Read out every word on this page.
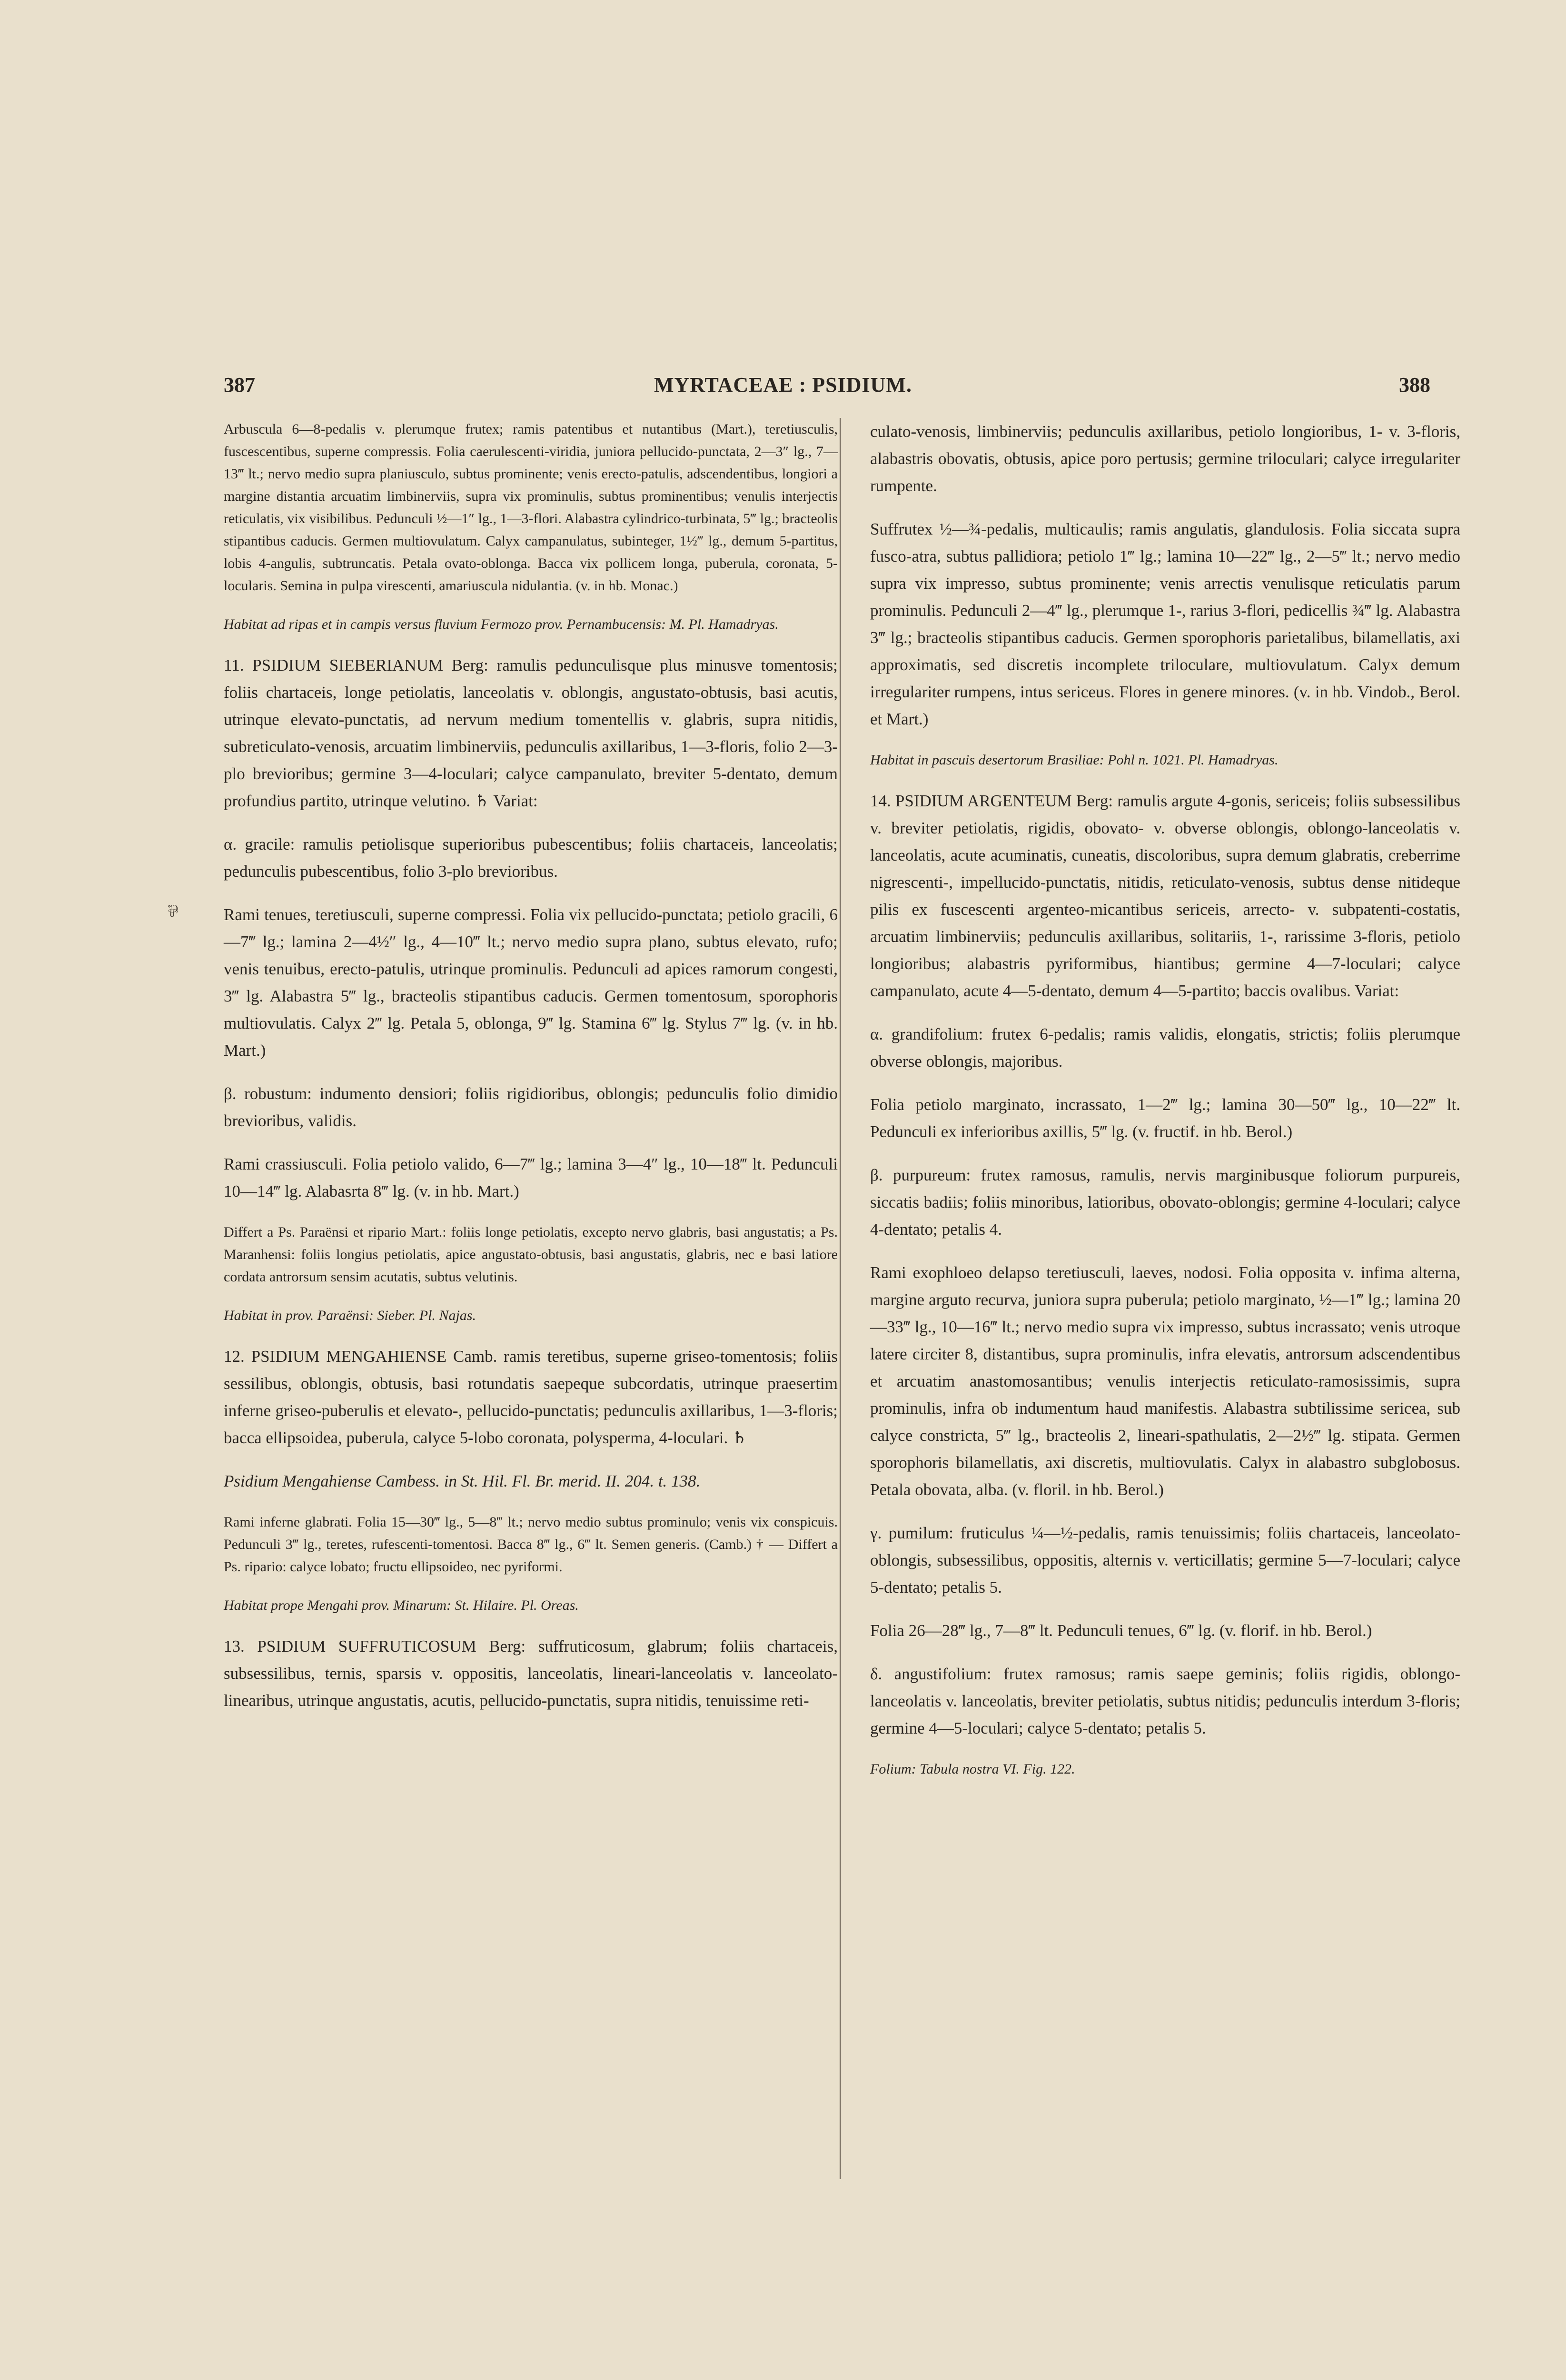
387	MYRTACEAE : PSIDIUM.	388
⅌

Arbuscula 6—8-pedalis v. plerumque frutex; ramis patentibus et nutantibus (Mart.), teretiusculis, fuscescentibus, superne compressis. Folia caerulescenti-viridia, juniora pellucido-punctata, 2—3″ lg., 7—13‴ lt.; nervo medio supra planiusculo, subtus prominente; venis erecto-patulis, adscendentibus, longiori a margine distantia arcuatim limbinerviis, supra vix prominulis, subtus prominentibus; venulis interjectis reticulatis, vix visibilibus. Pedunculi ½—1″ lg., 1—3-flori. Alabastra cylindrico-turbinata, 5‴ lg.; bracteolis stipantibus caducis. Germen multiovulatum. Calyx campanulatus, subinteger, 1½‴ lg., demum 5-partitus, lobis 4-angulis, subtruncatis. Petala ovato-oblonga. Bacca vix pollicem longa, puberula, coronata, 5-locularis. Semina in pulpa virescenti, amariuscula nidulantia. (v. in hb. Monac.)

Habitat ad ripas et in campis versus fluvium Fermozo prov. Pernambucensis: M. Pl. Hamadryas.

11. PSIDIUM SIEBERIANUM Berg: ramulis pedunculisque plus minusve tomentosis; foliis chartaceis, longe petiolatis, lanceolatis v. oblongis, angustato-obtusis, basi acutis, utrinque elevato-punctatis, ad nervum medium tomentellis v. glabris, supra nitidis, subreticulato-venosis, arcuatim limbinerviis, pedunculis axillaribus, 1—3-floris, folio 2—3-plo brevioribus; germine 3—4-loculari; calyce campanulato, breviter 5-dentato, demum profundius partito, utrinque velutino. ♄ Variat:

α. gracile: ramulis petiolisque superioribus pubescentibus; foliis chartaceis, lanceolatis; pedunculis pubescentibus, folio 3-plo brevioribus.

Rami tenues, teretiusculi, superne compressi. Folia vix pellucido-punctata; petiolo gracili, 6—7‴ lg.; lamina 2—4½″ lg., 4—10‴ lt.; nervo medio supra plano, subtus elevato, rufo; venis tenuibus, erecto-patulis, utrinque prominulis. Pedunculi ad apices ramorum congesti, 3‴ lg. Alabastra 5‴ lg., bracteolis stipantibus caducis. Germen tomentosum, sporophoris multiovulatis. Calyx 2‴ lg. Petala 5, oblonga, 9‴ lg. Stamina 6‴ lg. Stylus 7‴ lg. (v. in hb. Mart.)

β. robustum: indumento densiori; foliis rigidioribus, oblongis; pedunculis folio dimidio brevioribus, validis.

Rami crassiusculi. Folia petiolo valido, 6—7‴ lg.; lamina 3—4″ lg., 10—18‴ lt. Pedunculi 10—14‴ lg. Alabasrta 8‴ lg. (v. in hb. Mart.)

Differt a Ps. Paraënsi et ripario Mart.: foliis longe petiolatis, excepto nervo glabris, basi angustatis; a Ps. Maranhensi: foliis longius petiolatis, apice angustato-obtusis, basi angustatis, glabris, nec e basi latiore cordata antrorsum sensim acutatis, subtus velutinis.

Habitat in prov. Paraënsi: Sieber. Pl. Najas.

12. PSIDIUM MENGAHIENSE Camb. ramis teretibus, superne griseo-tomentosis; foliis sessilibus, oblongis, obtusis, basi rotundatis saepeque subcordatis, utrinque praesertim inferne griseo-puberulis et elevato-, pellucido-punctatis; pedunculis axillaribus, 1—3-floris; bacca ellipsoidea, puberula, calyce 5-lobo coronata, polysperma, 4-loculari. ♄

Psidium Mengahiense Cambess. in St. Hil. Fl. Br. merid. II. 204. t. 138.

Rami inferne glabrati. Folia 15—30‴ lg., 5—8‴ lt.; nervo medio subtus prominulo; venis vix conspicuis. Pedunculi 3‴ lg., teretes, rufescenti-tomentosi. Bacca 8‴ lg., 6‴ lt. Semen generis. (Camb.) † — Differt a Ps. ripario: calyce lobato; fructu ellipsoideo, nec pyriformi.

Habitat prope Mengahi prov. Minarum: St. Hilaire. Pl. Oreas.

13. PSIDIUM SUFFRUTICOSUM Berg: suffruticosum, glabrum; foliis chartaceis, subsessilibus, ternis, sparsis v. oppositis, lanceolatis, lineari-lanceolatis v. lanceolato-linearibus, utrinque angustatis, acutis, pellucido-punctatis, supra nitidis, tenuissime reti-

culato-venosis, limbinerviis; pedunculis axillaribus, petiolo longioribus, 1- v. 3-floris, alabastris obovatis, obtusis, apice poro pertusis; germine triloculari; calyce irregulariter rumpente.

Suffrutex ½—¾-pedalis, multicaulis; ramis angulatis, glandulosis. Folia siccata supra fusco-atra, subtus pallidiora; petiolo 1‴ lg.; lamina 10—22‴ lg., 2—5‴ lt.; nervo medio supra vix impresso, subtus prominente; venis arrectis venulisque reticulatis parum prominulis. Pedunculi 2—4‴ lg., plerumque 1-, rarius 3-flori, pedicellis ¾‴ lg. Alabastra 3‴ lg.; bracteolis stipantibus caducis. Germen sporophoris parietalibus, bilamellatis, axi approximatis, sed discretis incomplete triloculare, multiovulatum. Calyx demum irregulariter rumpens, intus sericeus. Flores in genere minores. (v. in hb. Vindob., Berol. et Mart.)

Habitat in pascuis desertorum Brasiliae: Pohl n. 1021. Pl. Hamadryas.

14. PSIDIUM ARGENTEUM Berg: ramulis argute 4-gonis, sericeis; foliis subsessilibus v. breviter petiolatis, rigidis, obovato- v. obverse oblongis, oblongo-lanceolatis v. lanceolatis, acute acuminatis, cuneatis, discoloribus, supra demum glabratis, creberrime nigrescenti-, impellucido-punctatis, nitidis, reticulato-venosis, subtus dense nitideque pilis ex fuscescenti argenteo-micantibus sericeis, arrecto- v. subpatenti-costatis, arcuatim limbinerviis; pedunculis axillaribus, solitariis, 1-, rarissime 3-floris, petiolo longioribus; alabastris pyriformibus, hiantibus; germine 4—7-loculari; calyce campanulato, acute 4—5-dentato, demum 4—5-partito; baccis ovalibus. Variat:

α. grandifolium: frutex 6-pedalis; ramis validis, elongatis, strictis; foliis plerumque obverse oblongis, majoribus.

Folia petiolo marginato, incrassato, 1—2‴ lg.; lamina 30—50‴ lg., 10—22‴ lt. Pedunculi ex inferioribus axillis, 5‴ lg. (v. fructif. in hb. Berol.)

β. purpureum: frutex ramosus, ramulis, nervis marginibusque foliorum purpureis, siccatis badiis; foliis minoribus, latioribus, obovato-oblongis; germine 4-loculari; calyce 4-dentato; petalis 4.

Rami exophloeo delapso teretiusculi, laeves, nodosi. Folia opposita v. infima alterna, margine arguto recurva, juniora supra puberula; petiolo marginato, ½—1‴ lg.; lamina 20—33‴ lg., 10—16‴ lt.; nervo medio supra vix impresso, subtus incrassato; venis utroque latere circiter 8, distantibus, supra prominulis, infra elevatis, antrorsum adscendentibus et arcuatim anastomosantibus; venulis interjectis reticulato-ramosissimis, supra prominulis, infra ob indumentum haud manifestis. Alabastra subtilissime sericea, sub calyce constricta, 5‴ lg., bracteolis 2, lineari-spathulatis, 2—2½‴ lg. stipata. Germen sporophoris bilamellatis, axi discretis, multiovulatis. Calyx in alabastro subglobosus. Petala obovata, alba. (v. floril. in hb. Berol.)

γ. pumilum: fruticulus ¼—½-pedalis, ramis tenuissimis; foliis chartaceis, lanceolato-oblongis, subsessilibus, oppositis, alternis v. verticillatis; germine 5—7-loculari; calyce 5-dentato; petalis 5.

Folia 26—28‴ lg., 7—8‴ lt. Pedunculi tenues, 6‴ lg. (v. florif. in hb. Berol.)

δ. angustifolium: frutex ramosus; ramis saepe geminis; foliis rigidis, oblongo-lanceolatis v. lanceolatis, breviter petiolatis, subtus nitidis; pedunculis interdum 3-floris; germine 4—5-loculari; calyce 5-dentato; petalis 5.

Folium: Tabula nostra VI. Fig. 122.
